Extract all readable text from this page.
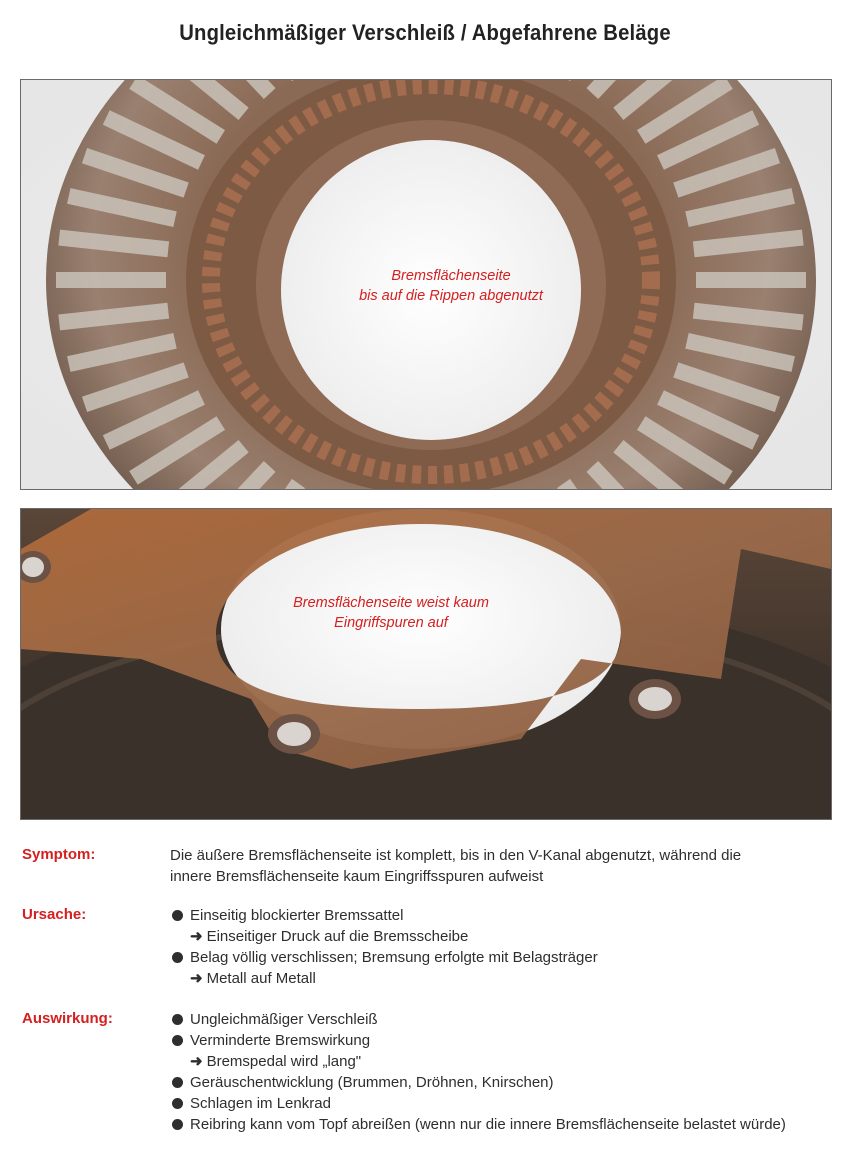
Ungleichmäßiger Verschleiß / Abgefahrene Beläge
Bremsflächenseite
bis auf die Rippen abgenutzt
Bremsflächenseite weist kaum
Eingriffspuren auf
Symptom:	Die äußere Bremsflächenseite ist komplett, bis in den V-Kanal abgenutzt, während die
innere Bremsflächenseite kaum Eingriffsspuren aufweist
Ursache:	Einseitig blockierter Bremssattel
➜ Einseitiger Druck auf die Bremsscheibe
Belag völlig verschlissen; Bremsung erfolgte mit Belagsträger
➜ Metall auf Metall
Auswirkung:	Ungleichmäßiger Verschleiß
Verminderte Bremswirkung
➜ Bremspedal wird „lang"
Geräuschentwicklung (Brummen, Dröhnen, Knirschen)
Schlagen im Lenkrad
Reibring kann vom Topf abreißen (wenn nur die innere Bremsflächenseite belastet würde)
